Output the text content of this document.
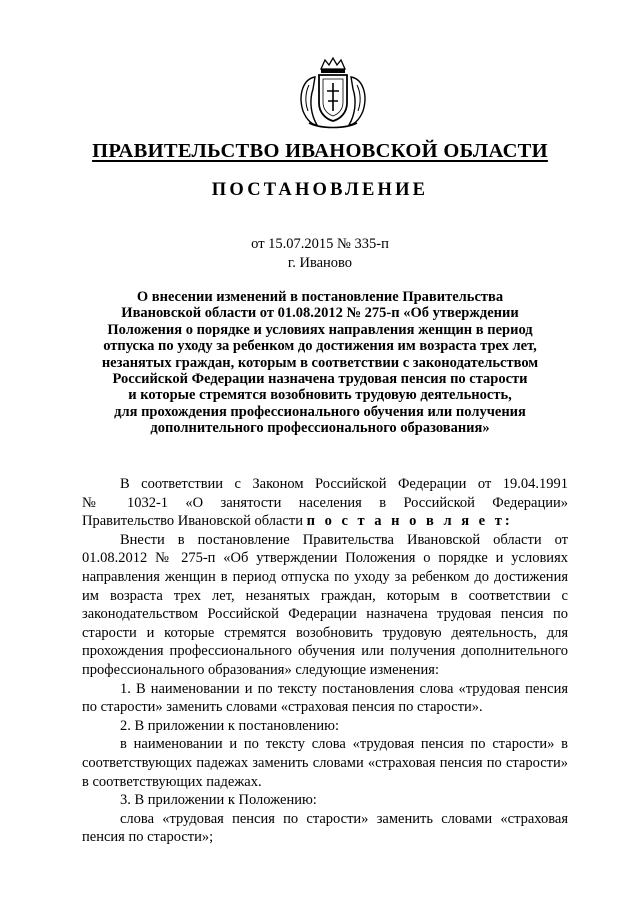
ПРАВИТЕЛЬСТВО ИВАНОВСКОЙ ОБЛАСТИ
ПОСТАНОВЛЕНИЕ
от 15.07.2015 № 335-п
г. Иваново
О внесении изменений в постановление Правительства
Ивановской области от 01.08.2012 № 275-п «Об утверждении
Положения о порядке и условиях направления женщин в период
отпуска по уходу за ребенком до достижения им возраста трех лет,
незанятых граждан, которым в соответствии с законодательством
Российской Федерации назначена трудовая пенсия по старости
и которые стремятся возобновить трудовую деятельность,
для прохождения профессионального обучения или получения
дополнительного профессионального образования»

В соответствии с Законом Российской Федерации от 19.04.1991

№ 1032-1 «О занятости населения в Российской Федерации»

Правительство Ивановской области п о с т а н о в л я е т:

Внести в постановление Правительства Ивановской области от 01.08.2012 № 275-п «Об утверждении Положения о порядке и условиях направления женщин в период отпуска по уходу за ребенком до достижения им возраста трех лет, незанятых граждан, которым в соответствии с законодательством Российской Федерации назначена трудовая пенсия по старости и которые стремятся возобновить трудовую деятельность, для прохождения профессионального обучения или получения дополнительного профессионального образования» следующие изменения:

1. В наименовании и по тексту постановления слова «трудовая пенсия по старости» заменить словами «страховая пенсия по старости».

2. В приложении к постановлению:

в наименовании и по тексту слова «трудовая пенсия по старости» в соответствующих падежах заменить словами «страховая пенсия по старости» в соответствующих падежах.

3. В приложении к Положению:

слова «трудовая пенсия по старости» заменить словами «страховая пенсия по старости»;
